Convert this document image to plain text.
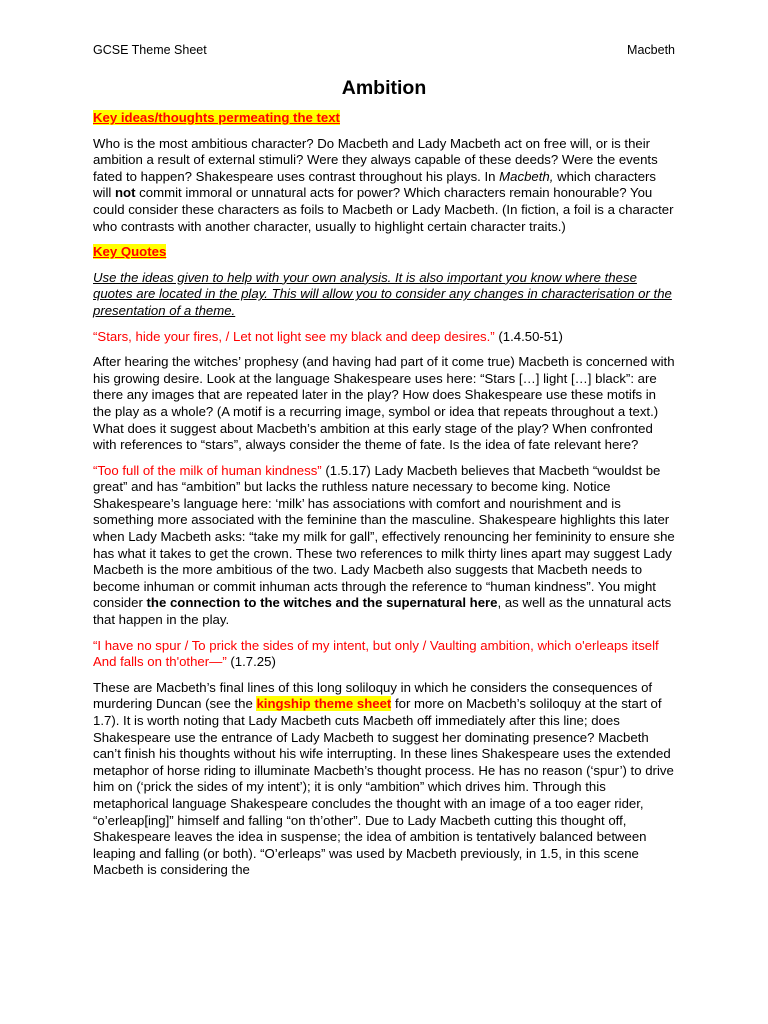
GCSE Theme Sheet	Macbeth
Ambition
Key ideas/thoughts permeating the text

Who is the most ambitious character? Do Macbeth and Lady Macbeth act on free will, or is their ambition a result of external stimuli? Were they always capable of these deeds? Were the events fated to happen? Shakespeare uses contrast throughout his plays. In Macbeth, which characters will not commit immoral or unnatural acts for power? Which characters remain honourable? You could consider these characters as foils to Macbeth or Lady Macbeth. (In fiction, a foil is a character who contrasts with another character, usually to highlight certain character traits.)

Key Quotes

Use the ideas given to help with your own analysis. It is also important you know where these quotes are located in the play. This will allow you to consider any changes in characterisation or the presentation of a theme.

“Stars, hide your fires, / Let not light see my black and deep desires.” (1.4.50-51)

After hearing the witches’ prophesy (and having had part of it come true) Macbeth is concerned with his growing desire. Look at the language Shakespeare uses here: “Stars […] light […] black”: are there any images that are repeated later in the play? How does Shakespeare use these motifs in the play as a whole? (A motif is a recurring image, symbol or idea that repeats throughout a text.) What does it suggest about Macbeth’s ambition at this early stage of the play? When confronted with references to “stars”, always consider the theme of fate. Is the idea of fate relevant here?

“Too full of the milk of human kindness” (1.5.17) Lady Macbeth believes that Macbeth “wouldst be great” and has “ambition” but lacks the ruthless nature necessary to become king. Notice Shakespeare’s language here: ‘milk’ has associations with comfort and nourishment and is something more associated with the feminine than the masculine. Shakespeare highlights this later when Lady Macbeth asks: “take my milk for gall”, effectively renouncing her femininity to ensure she has what it takes to get the crown. These two references to milk thirty lines apart may suggest Lady Macbeth is the more ambitious of the two. Lady Macbeth also suggests that Macbeth needs to become inhuman or commit inhuman acts through the reference to “human kindness”. You might consider the connection to the witches and the supernatural here, as well as the unnatural acts that happen in the play.

“I have no spur / To prick the sides of my intent, but only / Vaulting ambition, which o'erleaps itself And falls on th'other—” (1.7.25)

These are Macbeth’s final lines of this long soliloquy in which he considers the consequences of murdering Duncan (see the kingship theme sheet for more on Macbeth’s soliloquy at the start of 1.7). It is worth noting that Lady Macbeth cuts Macbeth off immediately after this line; does Shakespeare use the entrance of Lady Macbeth to suggest her dominating presence? Macbeth can’t finish his thoughts without his wife interrupting. In these lines Shakespeare uses the extended metaphor of horse riding to illuminate Macbeth’s thought process. He has no reason (‘spur’) to drive him on (‘prick the sides of my intent’); it is only “ambition” which drives him. Through this metaphorical language Shakespeare concludes the thought with an image of a too eager rider, “o’erleap[ing]” himself and falling “on th’other”. Due to Lady Macbeth cutting this thought off, Shakespeare leaves the idea in suspense; the idea of ambition is tentatively balanced between leaping and falling (or both). “O’erleaps” was used by Macbeth previously, in 1.5, in this scene Macbeth is considering the
